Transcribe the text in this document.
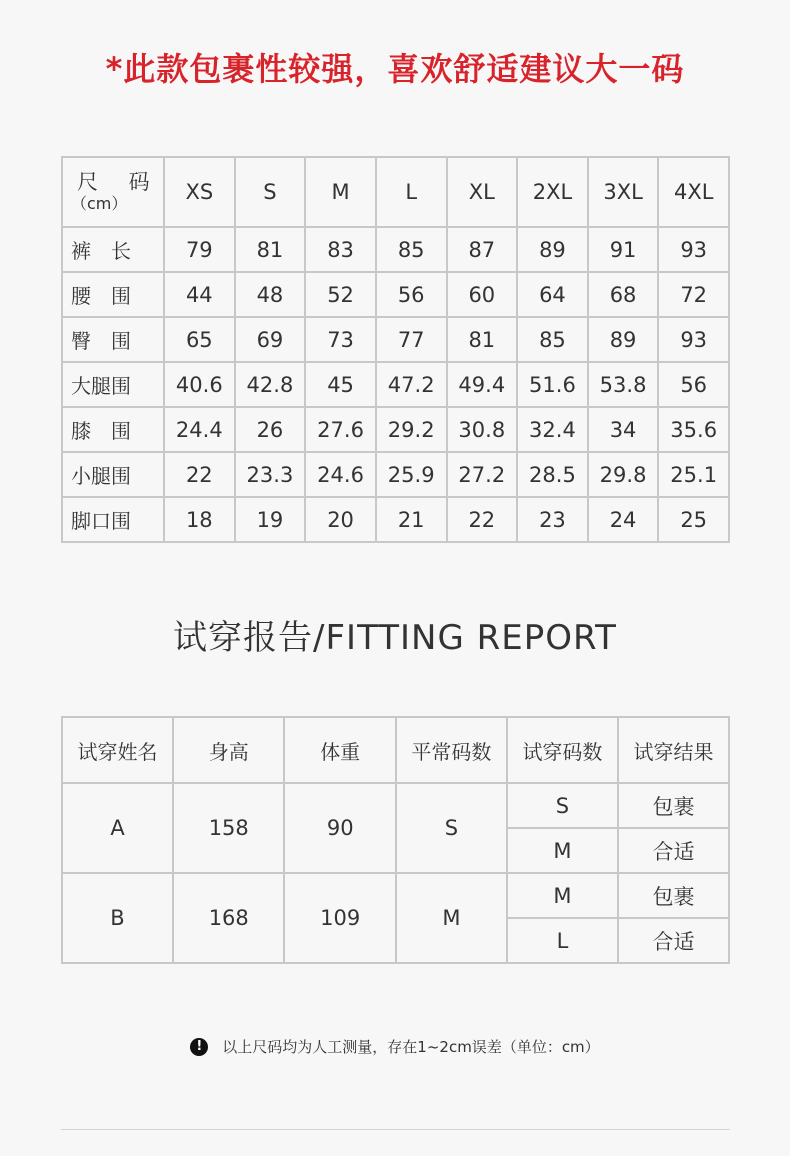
*此款包裹性较强，喜欢舒适建议大一码
尺 码
（cm）	XS	S	M	L	XL	2XL	3XL	4XL
裤　长	79	81	83	85	87	89	91	93
腰　围	44	48	52	56	60	64	68	72
臀　围	65	69	73	77	81	85	89	93
大腿围	40.6	42.8	45	47.2	49.4	51.6	53.8	56
膝　围	24.4	26	27.6	29.2	30.8	32.4	34	35.6
小腿围	22	23.3	24.6	25.9	27.2	28.5	29.8	25.1
脚口围	18	19	20	21	22	23	24	25
试穿报告/FITTING REPORT
试穿姓名	身高	体重	平常码数	试穿码数	试穿结果
A	158	90	S	S	包裹
				M	合适
B	168	109	M	M	包裹
				L	合适
! 以上尺码均为人工测量，存在1~2cm误差（单位：cm）
